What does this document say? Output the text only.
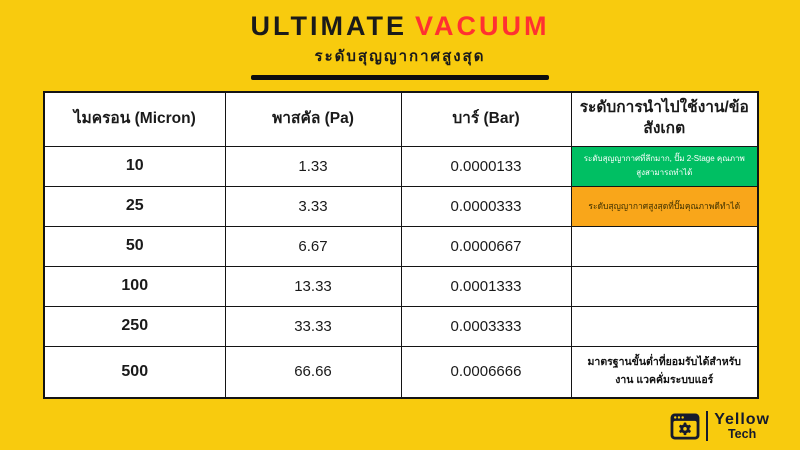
ULTIMATE VACUUM
ระดับสุญญากาศสูงสุด
ไมครอน (Micron)	พาสคัล (Pa)	บาร์ (Bar)	ระดับการนำไปใช้งาน/ข้อสังเกต
10	1.33	0.0000133	ระดับสุญญากาศที่ลึกมาก, ปั๊ม 2-Stage คุณภาพสูงสามารถทำได้
25	3.33	0.0000333	ระดับสุญญากาศสูงสุดที่ปั๊มคุณภาพดีทำได้
50	6.67	0.0000667	
100	13.33	0.0001333	
250	33.33	0.0003333	
500	66.66	0.0006666	มาตรฐานขั้นต่ำที่ยอมรับได้สำหรับงาน แวคคั่มระบบแอร์
Yellow
Tech
